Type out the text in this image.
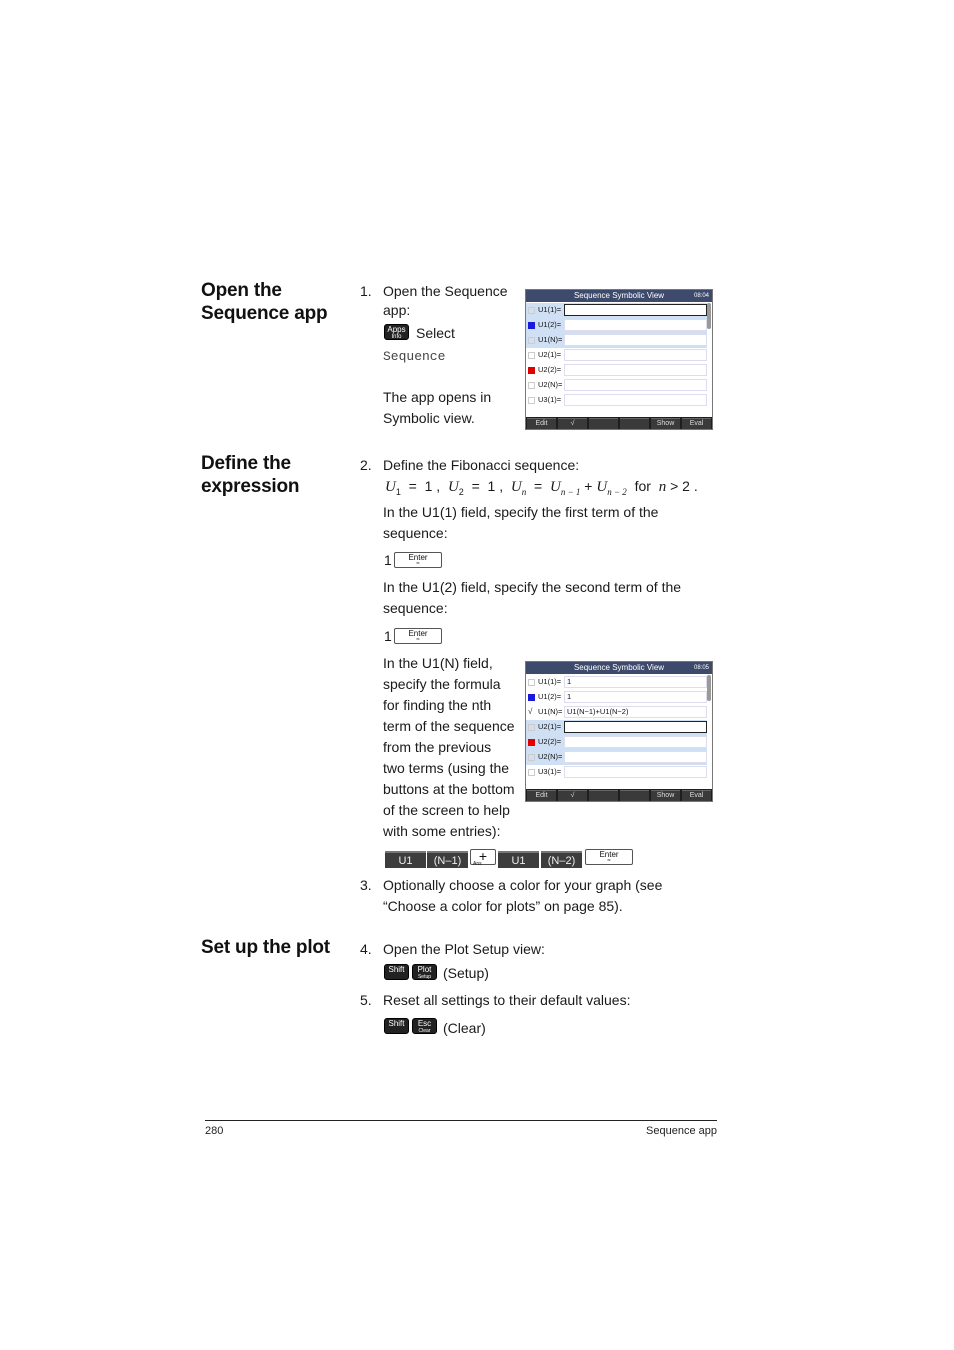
Open the
Sequence app
Define the
expression
Set up the plot
1. Open the Sequence
app:
Apps
Info	Select
Sequence
The app opens in
Symbolic view.
Sequence Symbolic View	08:04
U1(1)=
U1(2)=
U1(N)=
U2(1)=
U2(2)=
U2(N)=
U3(1)=
Edit	√	Show	Eval
2. Define the Fibonacci sequence:
$U_1 = 1$ ,  $U_2 = 1$ ,  $U_n = U_{n - 1} + U_{n - 2}$ for n > 2 .
In the U1(1) field, specify the first term of the
sequence:
1	Enter
≈
In the U1(2) field, specify the second term of the
sequence:
1	Enter
≈
In the U1(N) field,
specify the formula
for finding the nth
term of the sequence
from the previous
two terms (using the
buttons at the bottom
of the screen to help
with some entries):
Sequence Symbolic View	08:05
U1(1)= 1
U1(2)= 1
√ U1(N)= U1(N−1)+U1(N−2)
U2(1)=
U2(2)=
U2(N)=
U3(1)=
Edit	√	Show	Eval
U1	(N–1)	+
Ans	U1	(N–2)
Enter
≈
3. Optionally choose a color for your graph (see
“Choose a color for plots” on page 85).
4. Open the Plot Setup view:
Shift	Plot
Setup (Setup)
5. Reset all settings to their default values:
Shift	Esc
Clear (Clear)
280	Sequence app
